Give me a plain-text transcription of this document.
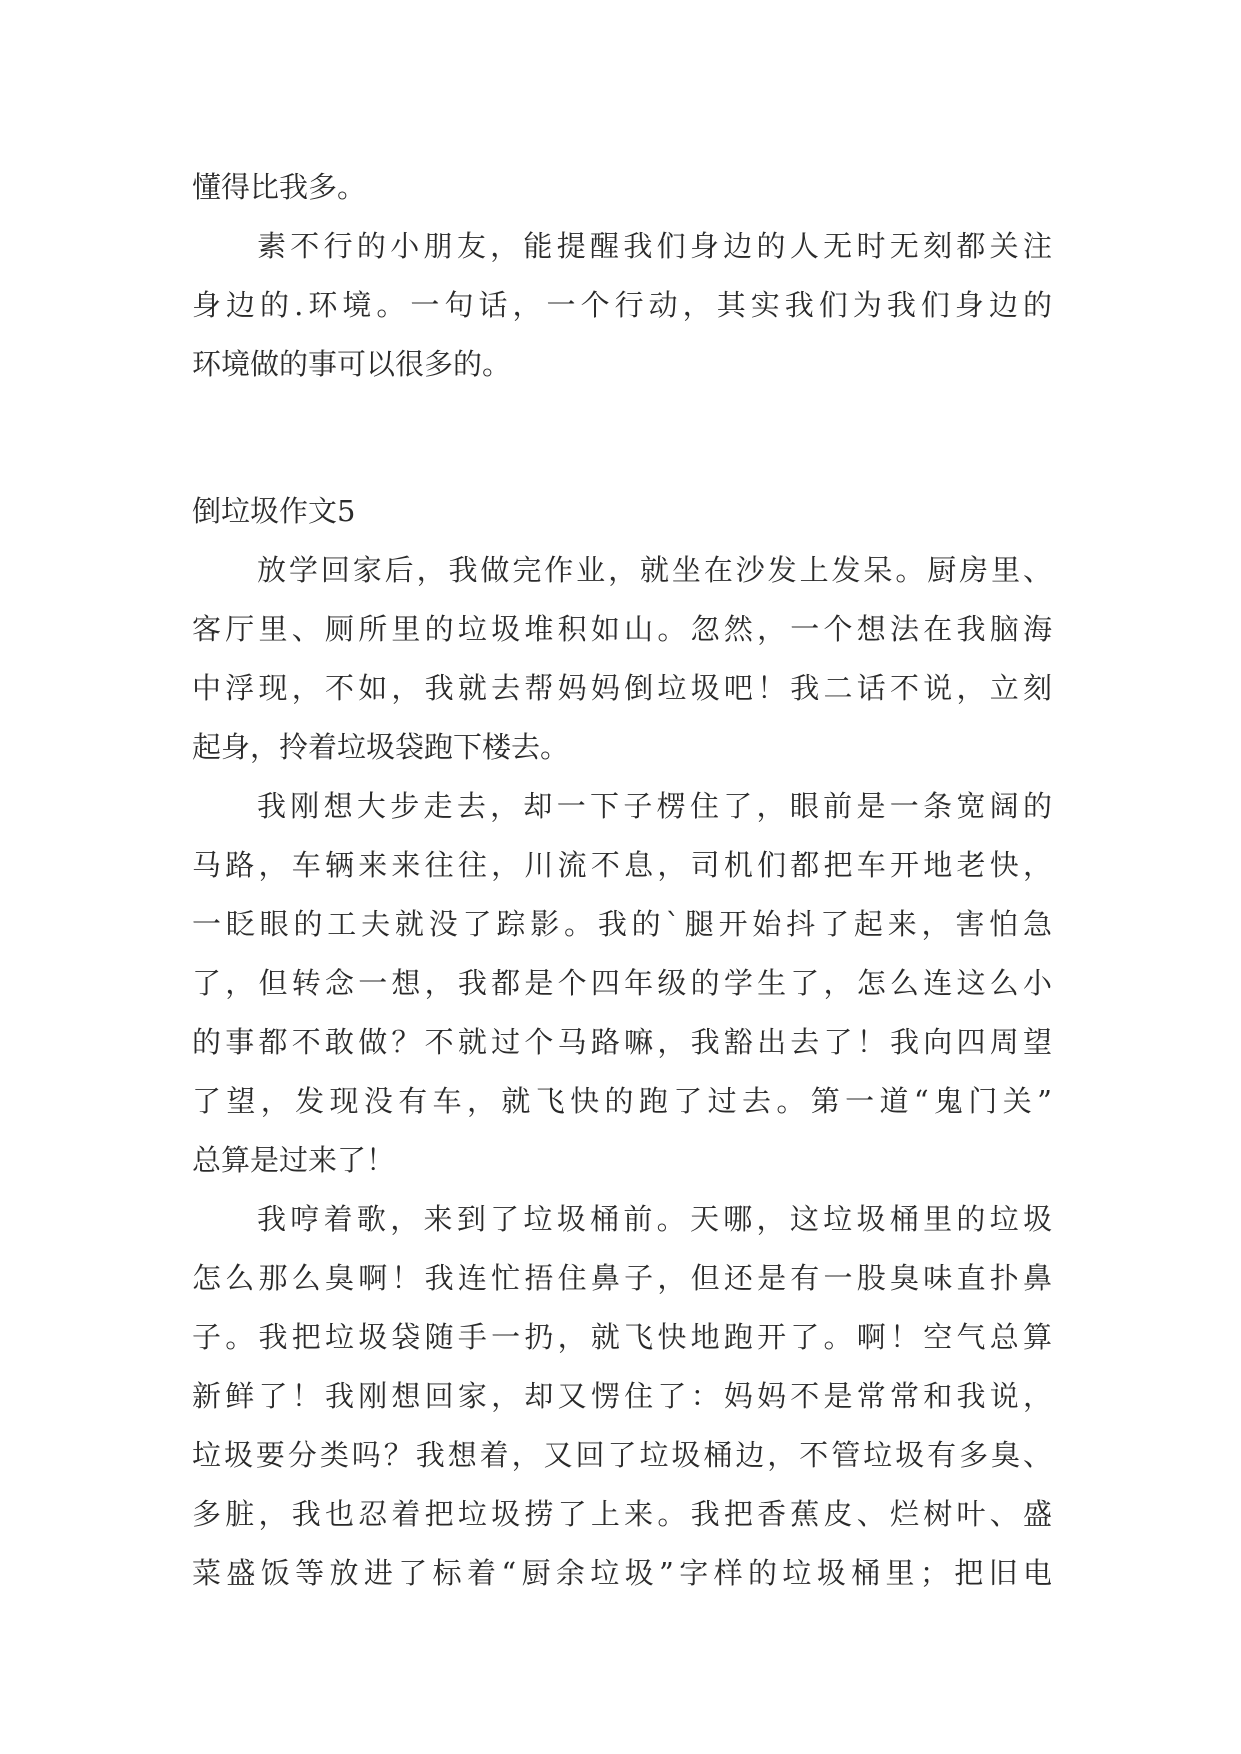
懂得比我多。
素不行的小朋友，能提醒我们身边的人无时无刻都关注
身边的.环境。一句话，一个行动，其实我们为我们身边的
环境做的事可以很多的。
倒垃圾作文5
放学回家后，我做完作业，就坐在沙发上发呆。厨房里、
客厅里、厕所里的垃圾堆积如山。忽然，一个想法在我脑海
中浮现，不如，我就去帮妈妈倒垃圾吧！我二话不说，立刻
起身，拎着垃圾袋跑下楼去。
我刚想大步走去，却一下子楞住了，眼前是一条宽阔的
马路，车辆来来往往，川流不息，司机们都把车开地老快，
一眨眼的工夫就没了踪影。我的`腿开始抖了起来，害怕急
了，但转念一想，我都是个四年级的学生了，怎么连这么小
的事都不敢做？不就过个马路嘛，我豁出去了！我向四周望
了望，发现没有车，就飞快的跑了过去。第一道“鬼门关”
总算是过来了！
我哼着歌，来到了垃圾桶前。天哪，这垃圾桶里的垃圾
怎么那么臭啊！我连忙捂住鼻子，但还是有一股臭味直扑鼻
子。我把垃圾袋随手一扔，就飞快地跑开了。啊！空气总算
新鲜了！我刚想回家，却又愣住了：妈妈不是常常和我说，
垃圾要分类吗？我想着，又回了垃圾桶边，不管垃圾有多臭、
多脏，我也忍着把垃圾捞了上来。我把香蕉皮、烂树叶、盛
菜盛饭等放进了标着“厨余垃圾”字样的垃圾桶里；把旧电
